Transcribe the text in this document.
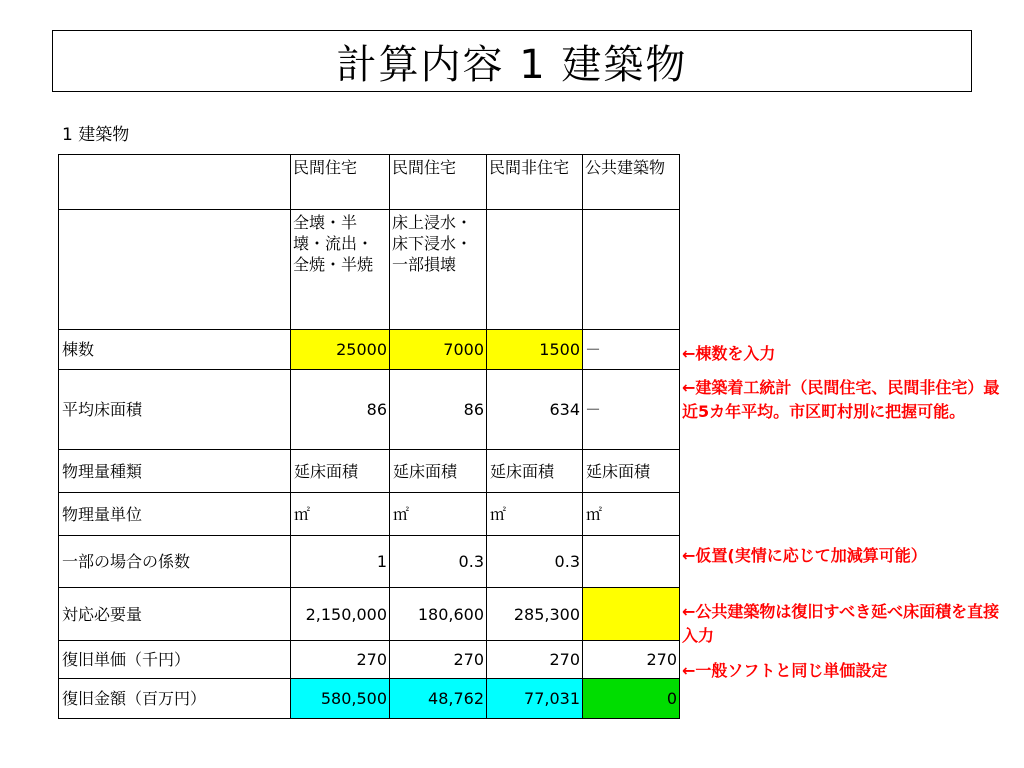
計算内容 1 建築物
1 建築物
	民間住宅	民間住宅	民間非住宅	公共建築物
	全壊・半壊・流出・全焼・半焼	床上浸水・床下浸水・一部損壊		
棟数	25000	7000	1500	－
平均床面積	86	86	634	－
物理量種類	延床面積	延床面積	延床面積	延床面積
物理量単位	㎡	㎡	㎡	㎡
一部の場合の係数	1	0.3	0.3	
対応必要量	2,150,000	180,600	285,300	
復旧単価（千円）	270	270	270	270
復旧金額（百万円）	580,500	48,762	77,031	0
←棟数を入力
←建築着工統計（民間住宅、民間非住宅）最近5カ年平均。市区町村別に把握可能。
←仮置(実情に応じて加減算可能）
←公共建築物は復旧すべき延べ床面積を直接入力
←一般ソフトと同じ単価設定
